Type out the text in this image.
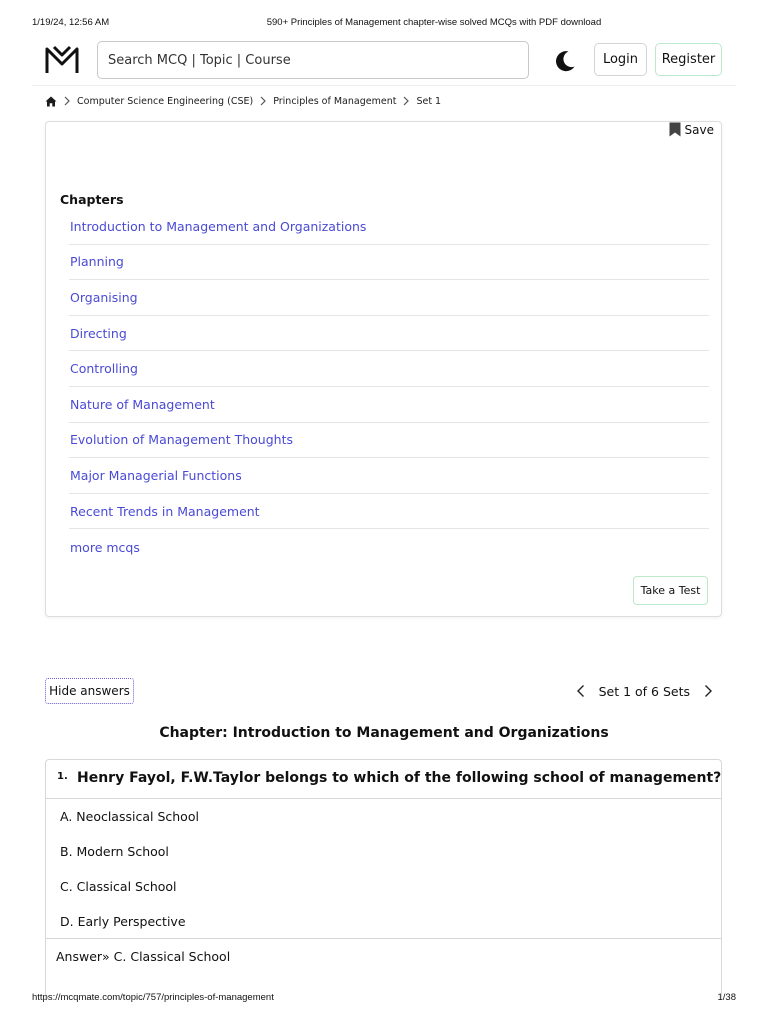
1/19/24, 12:56 AM	590+ Principles of Management chapter-wise solved MCQs with PDF download
Search MCQ | Topic | Course
Login	Register
Computer Science Engineering (CSE) Principles of Management Set 1
Save
Chapters
Introduction to Management and Organizations
Planning
Organising
Directing
Controlling
Nature of Management
Evolution of Management Thoughts
Major Managerial Functions
Recent Trends in Management
more mcqs
Take a Test
Hide answers	Set 1 of 6 Sets
Chapter: Introduction to Management and Organizations
1. Henry Fayol, F.W.Taylor belongs to which of the following school of management?
A. Neoclassical School
B. Modern School
C. Classical School
D. Early Perspective
Answer» C. Classical School
https://mcqmate.com/topic/757/principles-of-management	1/38
